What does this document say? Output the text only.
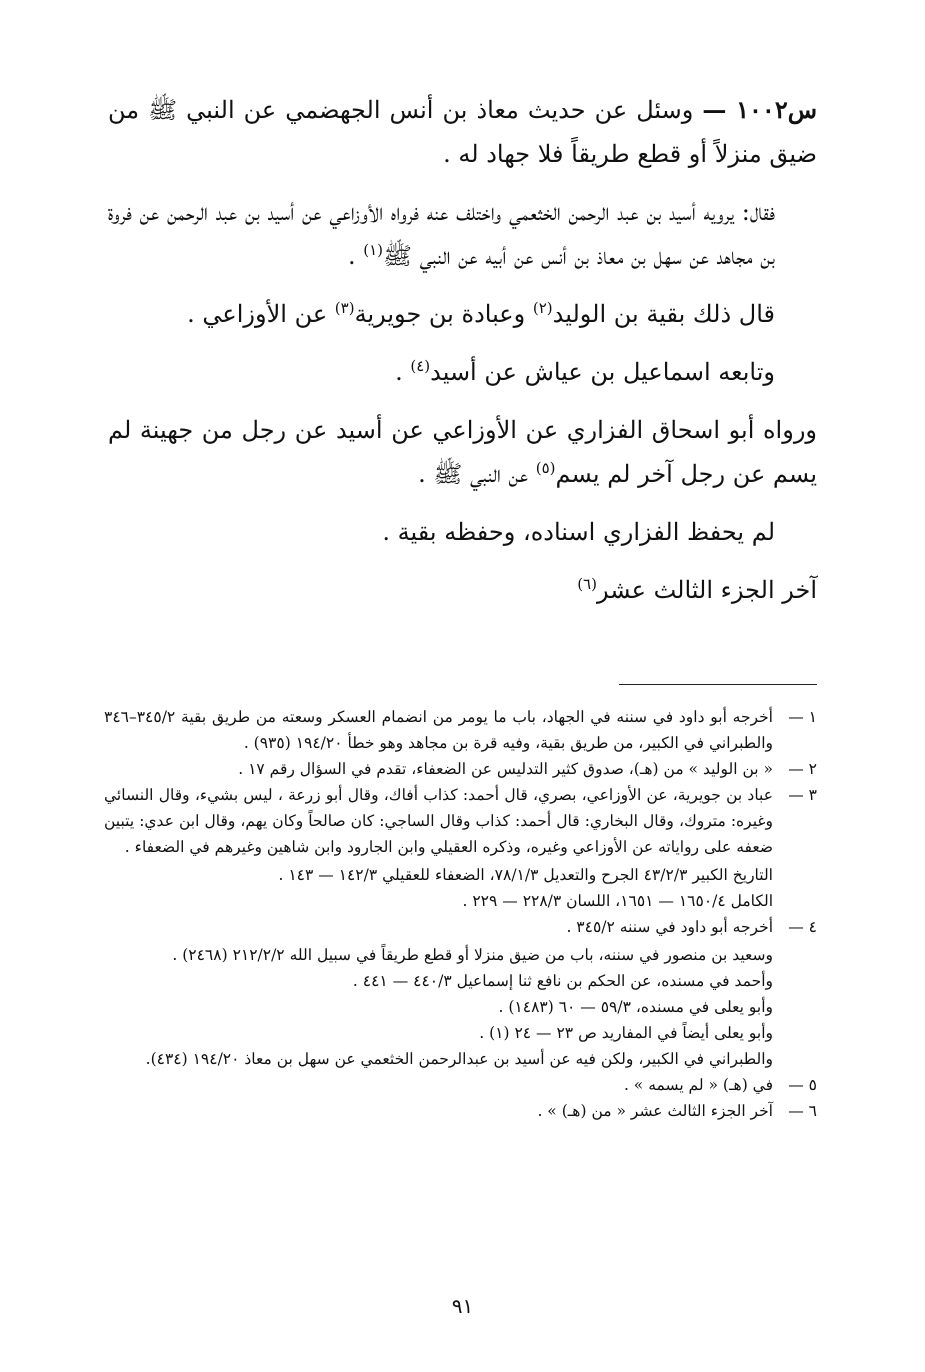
س١٠٠٢ — وسئل عن حديث معاذ بن أنس الجهضمي عن النبي ﷺ من ضيق منزلاً أو قطع طريقاً فلا جهاد له .

فقال: يرويه أسيد بن عبد الرحمن الخثعمي واختلف عنه فرواه الأوزاعي عن أسيد بن عبد الرحمن عن فروة بن مجاهد عن سهل بن معاذ بن أنس عن أبيه عن النبي ﷺ$^{(١)}$ .

قال ذلك بقية بن الوليد$^{(٢)}$ وعبادة بن جويرية$^{(٣)}$ عن الأوزاعي .

وتابعه اسماعيل بن عياش عن أسيد$^{(٤)}$ .

ورواه أبو اسحاق الفزاري عن الأوزاعي عن أسيد عن رجل من جهينة لم يسم عن رجل آخر لم يسم$^{(٥)}$ عن النبي ﷺ .

لم يحفظ الفزاري اسناده، وحفظه بقية .

آخر الجزء الثالث عشر$^{(٦)}$

١ —

أخرجه أبو داود في سننه في الجهاد، باب ما يومر من انضمام العسكر وسعته من طريق بقية ٣٤٥/٢–٣٤٦ والطبراني في الكبير، من طريق بقية، وفيه قرة بن مجاهد وهو خطأ ١٩٤/٢٠ (٩٣٥) .

٢ —

« بن الوليد » من (هـ)، صدوق كثير التدليس عن الضعفاء، تقدم في السؤال رقم ١٧ .

٣ —

عباد بن جويرية، عن الأوزاعي، بصري، قال أحمد: كذاب أفاك، وقال أبو زرعة ، ليس بشيء، وقال النسائي وغيره: متروك، وقال البخاري: قال أحمد: كذاب وقال الساجي: كان صالحاً وكان يهم، وقال ابن عدي: يتبين ضعفه على رواياته عن الأوزاعي وغيره، وذكره العقيلي وابن الجارود وابن شاهين وغيرهم في الضعفاء .

التاريخ الكبير ٤٣/٢/٣ الجرح والتعديل ٧٨/١/٣، الضعفاء للعقيلي ١٤٢/٣ — ١٤٣ .

الكامل ١٦٥٠/٤ — ١٦٥١، اللسان ٢٢٨/٣ — ٢٢٩ .

٤ —

أخرجه أبو داود في سننه ٣٤٥/٢ .

وسعيد بن منصور في سننه، باب من ضيق منزلا أو قطع طريقاً في سبيل الله ٢١٢/٢/٢ (٢٤٦٨) .

وأحمد في مسنده، عن الحكم بن نافع ثنا إسماعيل ٤٤٠/٣ — ٤٤١ .

وأبو يعلى في مسنده، ٥٩/٣ — ٦٠ (١٤٨٣) .

وأبو يعلى أيضاً في المفاريد ص ٢٣ — ٢٤ (١) .

والطبراني في الكبير، ولكن فيه عن أسيد بن عبدالرحمن الخثعمي عن سهل بن معاذ ١٩٤/٢٠ (٤٣٤).

٥ —

في (هـ) « لم يسمه » .

٦ —

آخر الجزء الثالث عشر « من (هـ) » .

٩١
